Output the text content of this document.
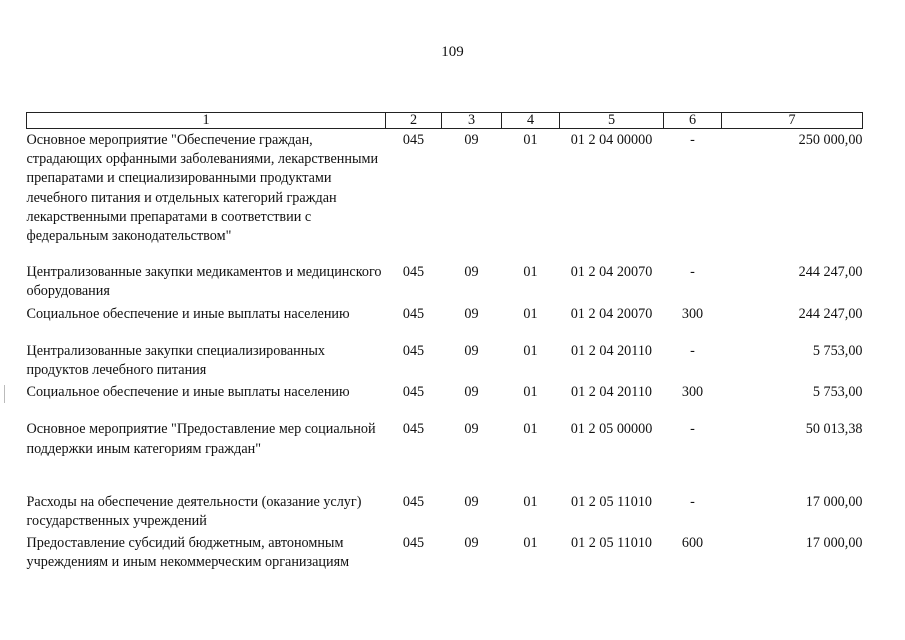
109
1	2	3	4	5	6	7
Основное мероприятие "Обеспечение граждан, страдающих орфанными заболеваниями, лекарственными препаратами и специализированными продуктами лечебного питания и отдельных категорий граждан лекарственными препаратами в соответствии с федеральным законодательством"	045	09	01	01 2 04 00000	-	250 000,00
Централизованные закупки медикаментов и медицинского оборудования	045	09	01	01 2 04 20070	-	244 247,00
Социальное обеспечение и иные выплаты населению	045	09	01	01 2 04 20070	300	244 247,00
Централизованные закупки специализированных продуктов лечебного питания	045	09	01	01 2 04 20110	-	5 753,00
Социальное обеспечение и иные выплаты населению	045	09	01	01 2 04 20110	300	5 753,00
Основное мероприятие "Предоставление мер социальной поддержки иным категориям граждан"	045	09	01	01 2 05 00000	-	50 013,38
Расходы на обеспечение деятельности (оказание услуг) государственных учреждений	045	09	01	01 2 05 11010	-	17 000,00
Предоставление субсидий бюджетным, автономным учреждениям и иным некоммерческим организациям	045	09	01	01 2 05 11010	600	17 000,00
